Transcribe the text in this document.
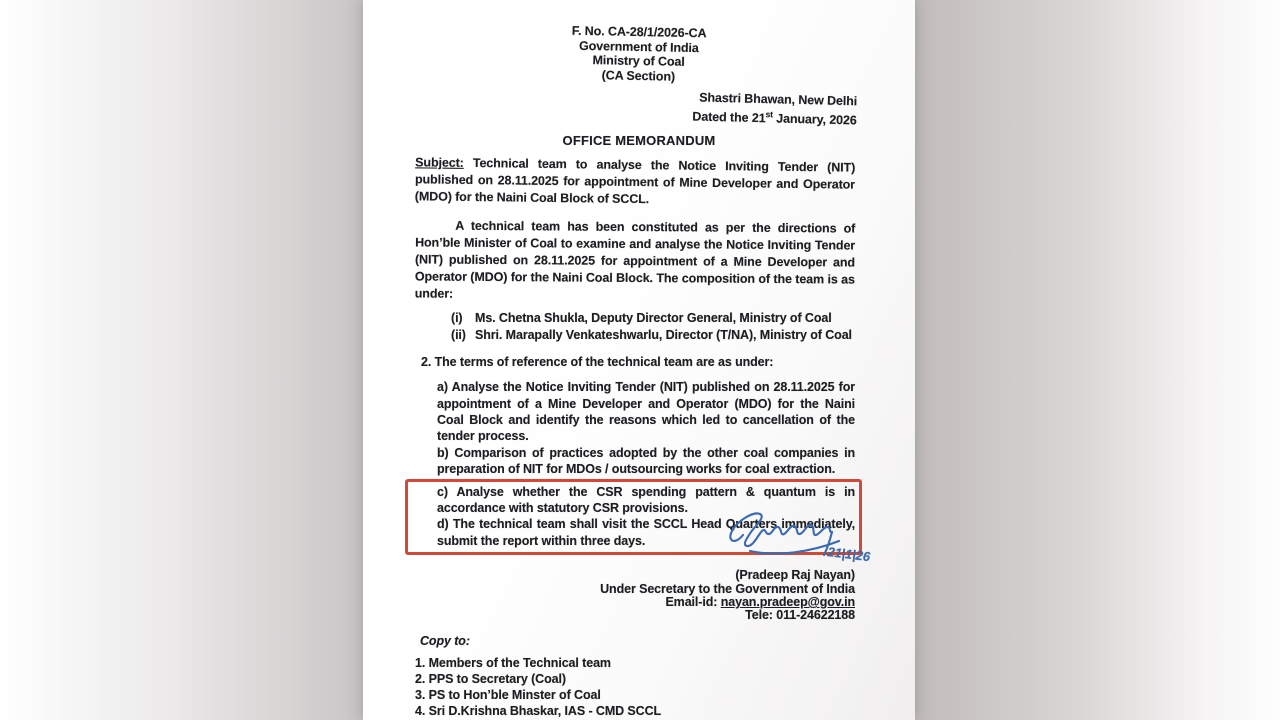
F. No. CA-28/1/2026-CA
Government of India
Ministry of Coal
(CA Section)
Shastri Bhawan, New Delhi
Dated the 21st January, 2026
OFFICE MEMORANDUM
Subject: Technical team to analyse the Notice Inviting Tender (NIT) published on 28.11.2025 for appointment of Mine Developer and Operator (MDO) for the Naini Coal Block of SCCL.
A technical team has been constituted as per the directions of Hon’ble Minister of Coal to examine and analyse the Notice Inviting Tender (NIT) published on 28.11.2025 for appointment of a Mine Developer and Operator (MDO) for the Naini Coal Block. The composition of the team is as under:
(i) Ms. Chetna Shukla, Deputy Director General, Ministry of Coal
(ii) Shri. Marapally Venkateshwarlu, Director (T/NA), Ministry of Coal
2. The terms of reference of the technical team are as under:
a) Analyse the Notice Inviting Tender (NIT) published on 28.11.2025 for appointment of a Mine Developer and Operator (MDO) for the Naini Coal Block and identify the reasons which led to cancellation of the tender process.
b) Comparison of practices adopted by the other coal companies in preparation of NIT for MDOs / outsourcing works for coal extraction.
c) Analyse whether the CSR spending pattern & quantum is in accordance with statutory CSR provisions.
d) The technical team shall visit the SCCL Head Quarters immediately, submit the report within three days.
(Pradeep Raj Nayan)
Under Secretary to the Government of India
Email-id: nayan.pradeep@gov.in
Tele: 011-24622188
Copy to:
1. Members of the Technical team
2. PPS to Secretary (Coal)
3. PS to Hon’ble Minster of Coal
4. Sri D.Krishna Bhaskar, IAS - CMD SCCL
21|1|26
